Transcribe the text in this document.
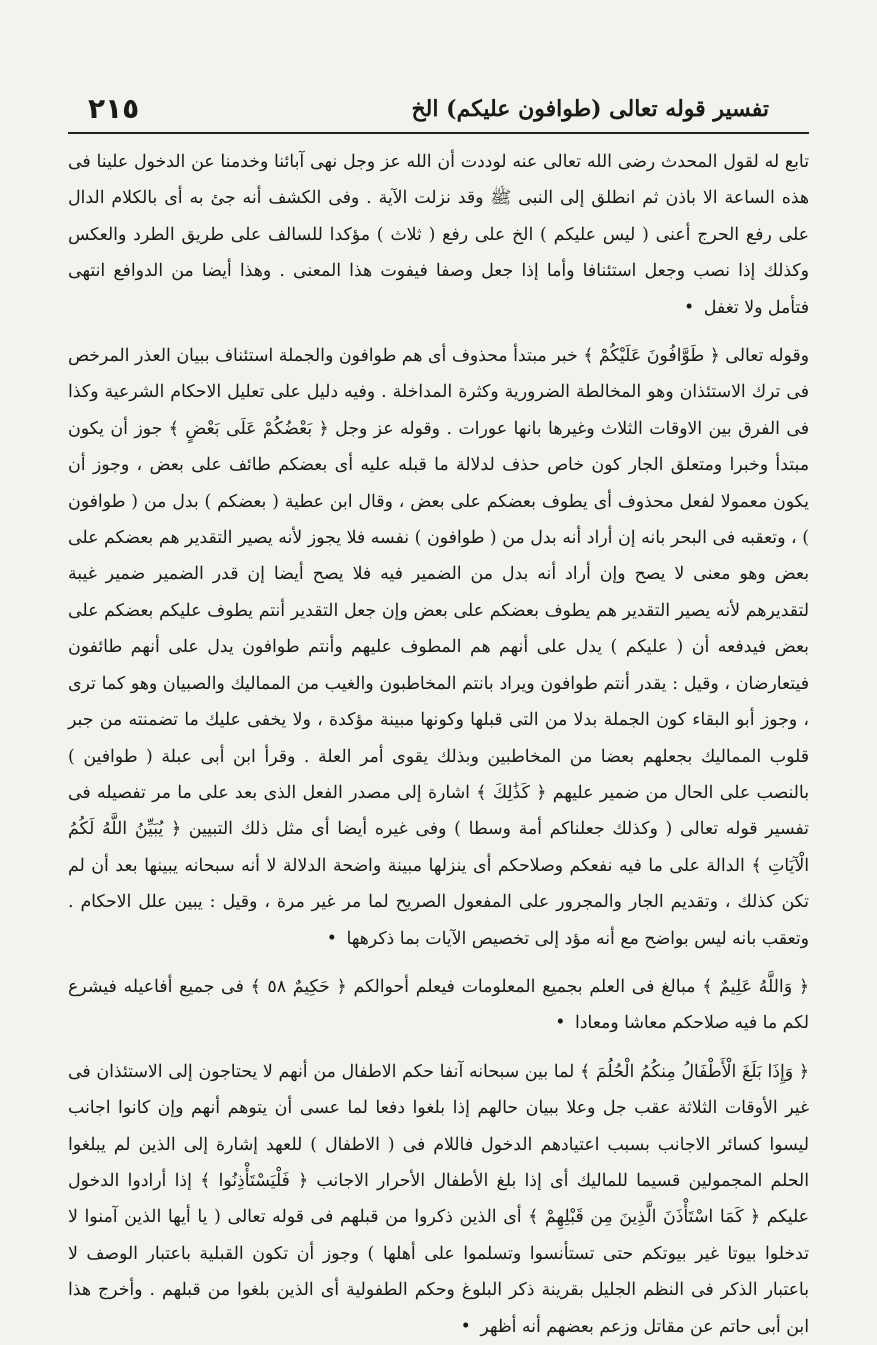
تفسير قوله تعالى (طوافون عليكم) الخ
٢١٥

تابع له لقول المحدث رضى الله تعالى عنه لوددت أن الله عز وجل نهى آبائنا وخدمنا عن الدخول علينا فى هذه الساعة الا باذن ثم انطلق إلى النبى ﷺ وقد نزلت الآية . وفى الكشف أنه جئ به أى بالكلام الدال على رفع الحرج أعنى ( ليس عليكم ) الخ على رفع ( ثلاث ) مؤكدا للسالف على طريق الطرد والعكس وكذلك إذا نصب وجعل استئنافا وأما إذا جعل وصفا فيفوت هذا المعنى . وهذا أيضا من الدوافع انتهى فتأمل ولا تغفل •

وقوله تعالى ﴿ طَوَّافُونَ عَلَيْكُمْ ﴾ خبر مبتدأ محذوف أى هم طوافون والجملة استئناف ببيان العذر المرخص فى ترك الاستئذان وهو المخالطة الضرورية وكثرة المداخلة . وفيه دليل على تعليل الاحكام الشرعية وكذا فى الفرق بين الاوقات الثلاث وغيرها بانها عورات . وقوله عز وجل ﴿ بَعْضُكُمْ عَلَى بَعْضٍ ﴾ جوز أن يكون مبتدأ وخبرا ومتعلق الجار كون خاص حذف لدلالة ما قبله عليه أى بعضكم طائف على بعض ، وجوز أن يكون معمولا لفعل محذوف أى يطوف بعضكم على بعض ، وقال ابن عطية ( بعضكم ) بدل من ( طوافون ) ، وتعقبه فى البحر بانه إن أراد أنه بدل من ( طوافون ) نفسه فلا يجوز لأنه يصير التقدير هم بعضكم على بعض وهو معنى لا يصح وإن أراد أنه بدل من الضمير فيه فلا يصح أيضا إن قدر الضمير ضمير غيبة لتقديرهم لأنه يصير التقدير هم يطوف بعضكم على بعض وإن جعل التقدير أنتم يطوف عليكم بعضكم على بعض فيدفعه أن ( عليكم ) يدل على أنهم هم المطوف عليهم وأنتم طوافون يدل على أنهم طائفون فيتعارضان ، وقيل : يقدر أنتم طوافون ويراد بانتم المخاطبون والغيب من المماليك والصبيان وهو كما ترى ، وجوز أبو البقاء كون الجملة بدلا من التى قبلها وكونها مبينة مؤكدة ، ولا يخفى عليك ما تضمنته من جبر قلوب المماليك بجعلهم بعضا من المخاطبين وبذلك يقوى أمر العلة . وقرأ ابن أبى عبلة ( طوافين ) بالنصب على الحال من ضمير عليهم ﴿ كَذَٰلِكَ ﴾ اشارة إلى مصدر الفعل الذى بعد على ما مر تفصيله فى تفسير قوله تعالى ( وكذلك جعلناكم أمة وسطا ) وفى غيره أيضا أى مثل ذلك التبيين ﴿ يُبَيِّنُ اللَّهُ لَكُمُ الْآيَاتِ ﴾ الدالة على ما فيه نفعكم وصلاحكم أى ينزلها مبينة واضحة الدلالة لا أنه سبحانه يبينها بعد أن لم تكن كذلك ، وتقديم الجار والمجرور على المفعول الصريح لما مر غير مرة ، وقيل : يبين علل الاحكام . وتعقب بانه ليس بواضح مع أنه مؤد إلى تخصيص الآيات بما ذكرهها •

﴿ وَاللَّهُ عَلِيمٌ ﴾ مبالغ فى العلم بجميع المعلومات فيعلم أحوالكم ﴿ حَكِيمٌ ٥٨ ﴾ فى جميع أفاعيله فيشرع لكم ما فيه صلاحكم معاشا ومعادا •

﴿ وَإِذَا بَلَغَ الْأَطْفَالُ مِنكُمُ الْحُلُمَ ﴾ لما بين سبحانه آنفا حكم الاطفال من أنهم لا يحتاجون إلى الاستئذان فى غير الأوقات الثلاثة عقب جل وعلا ببيان حالهم إذا بلغوا دفعا لما عسى أن يتوهم أنهم وإن كانوا اجانب ليسوا كسائر الاجانب بسبب اعتيادهم الدخول فاللام فى ( الاطفال ) للعهد إشارة إلى الذين لم يبلغوا الحلم المجمولين قسيما للماليك أى إذا بلغ الأطفال الأحرار الاجانب ﴿ فَلْيَسْتَأْذِنُوا ﴾ إذا أرادوا الدخول عليكم ﴿ كَمَا اسْتَأْذَنَ الَّذِينَ مِن قَبْلِهِمْ ﴾ أى الذين ذكروا من قبلهم فى قوله تعالى ( يا أيها الذين آمنوا لا تدخلوا بيوتا غير بيوتكم حتى تستأنسوا وتسلموا على أهلها ) وجوز أن تكون القبلية باعتبار الوصف لا باعتبار الذكر فى النظم الجليل بقرينة ذكر البلوغ وحكم الطفولية أى الذين بلغوا من قبلهم . وأخرج هذا ابن أبى حاتم عن مقاتل وزعم بعضهم أنه أظهر •
